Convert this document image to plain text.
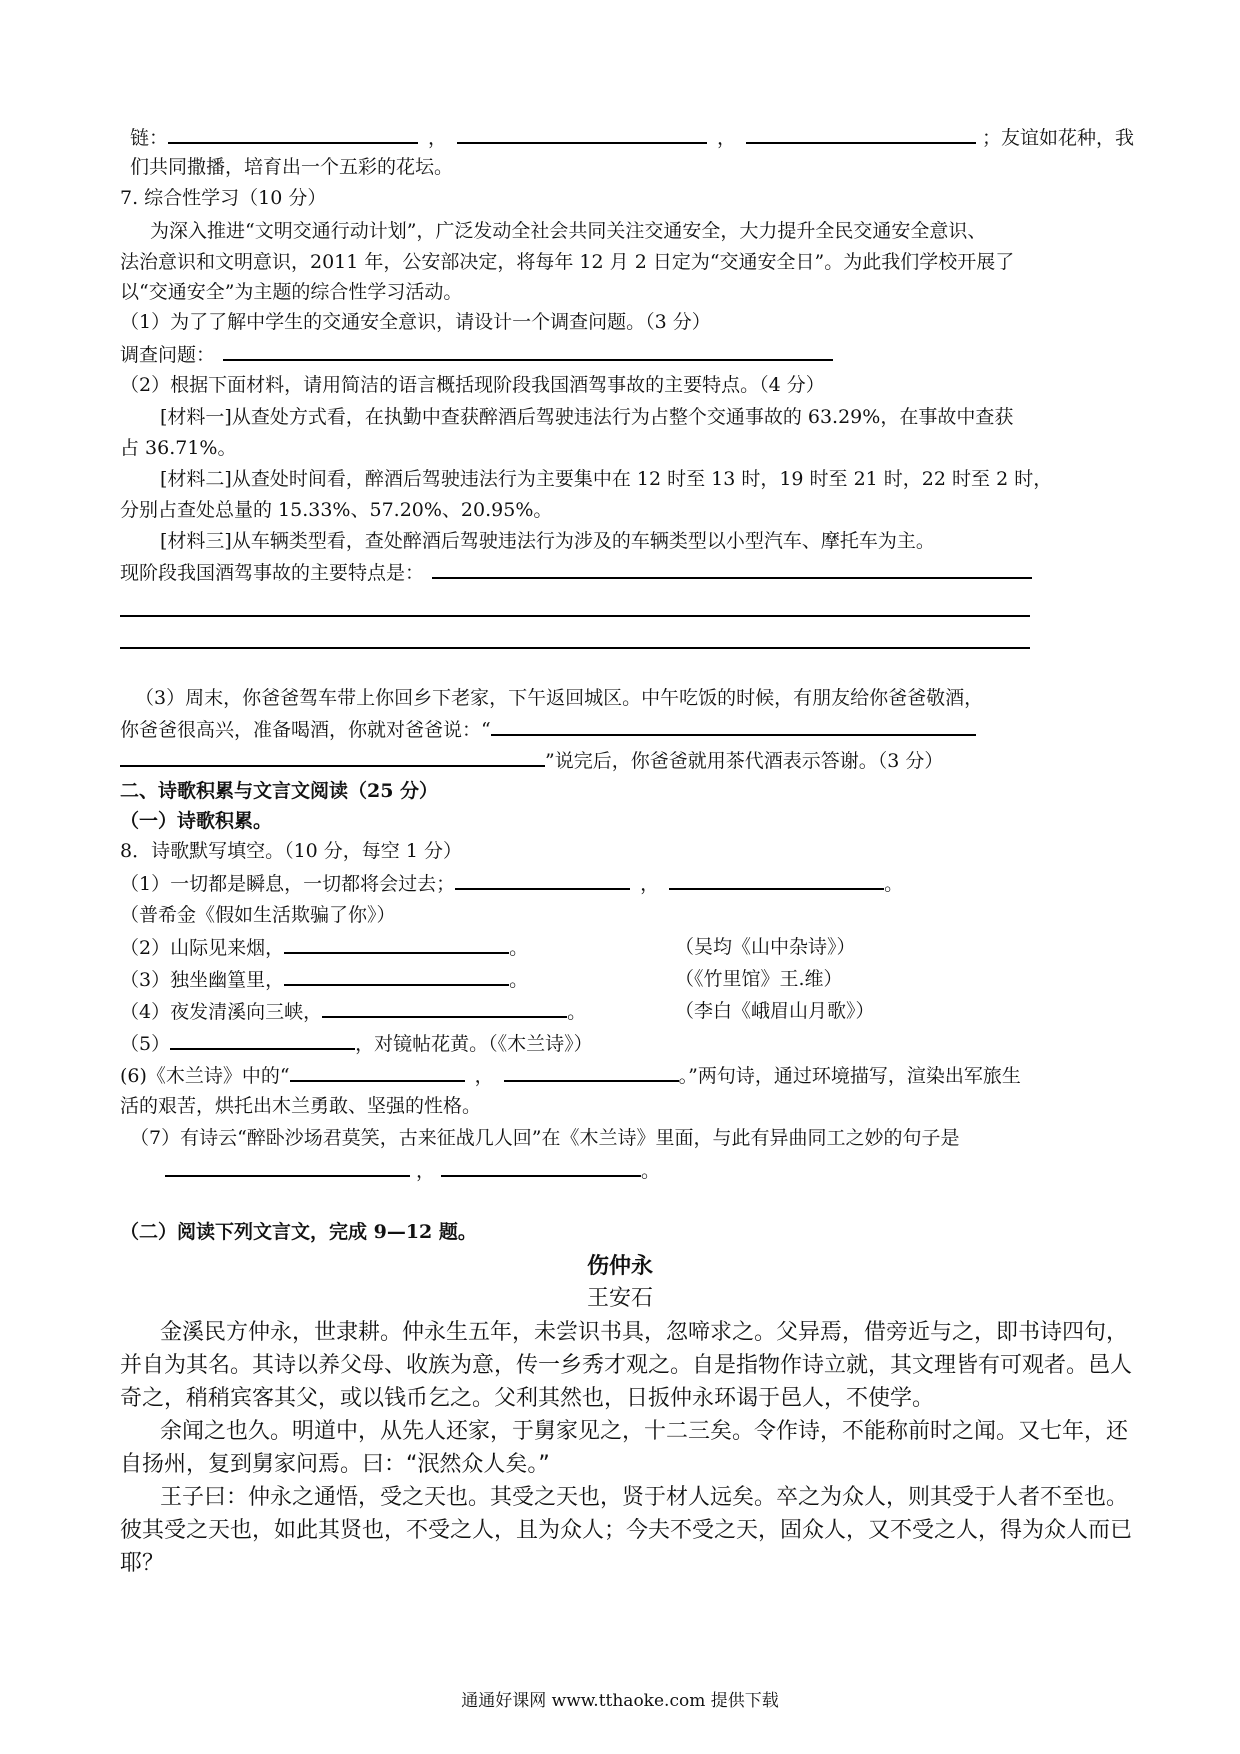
链：	，	，	；友谊如花种，我
们共同撒播，培育出一个五彩的花坛。
7. 综合性学习（10 分）
为深入推进“文明交通行动计划”，广泛发动全社会共同关注交通安全，大力提升全民交通安全意识、
法治意识和文明意识，2011 年，公安部决定，将每年 12 月 2 日定为“交通安全日”。为此我们学校开展了
以“交通安全”为主题的综合性学习活动。
（1）为了了解中学生的交通安全意识，请设计一个调查问题。（3 分）
调查问题：
（2）根据下面材料，请用简洁的语言概括现阶段我国酒驾事故的主要特点。（4 分）
[材料一]从查处方式看，在执勤中查获醉酒后驾驶违法行为占整个交通事故的 63.29%，在事故中查获
占 36.71%。
[材料二]从查处时间看，醉酒后驾驶违法行为主要集中在 12 时至 13 时，19 时至 21 时，22 时至 2 时，
分别占查处总量的 15.33%、57.20%、20.95%。
[材料三]从车辆类型看，查处醉酒后驾驶违法行为涉及的车辆类型以小型汽车、摩托车为主。
现阶段我国酒驾事故的主要特点是：
（3）周末，你爸爸驾车带上你回乡下老家，下午返回城区。中午吃饭的时候，有朋友给你爸爸敬酒，
你爸爸很高兴，准备喝酒，你就对爸爸说：“
”说完后，你爸爸就用茶代酒表示答谢。（3 分）
二、诗歌积累与文言文阅读（25 分）
（一）诗歌积累。
8．诗歌默写填空。（10 分，每空 1 分）
（1）一切都是瞬息，一切都将会过去；	，	。
（普希金《假如生活欺骗了你》）
（2）山际见来烟，	。	（吴均《山中杂诗》）
（3）独坐幽篁里，	。	（《竹里馆》王.维）
（4）夜发清溪向三峡，	。	（李白《峨眉山月歌》）
（5）	，对镜帖花黄。（《木兰诗》）
(6)《木兰诗》中的“	，	。”两句诗，通过环境描写，渲染出军旅生
活的艰苦，烘托出木兰勇敢、坚强的性格。
（7）有诗云“醉卧沙场君莫笑，古来征战几人回”在《木兰诗》里面，与此有异曲同工之妙的句子是
，	。
（二）阅读下列文言文，完成 9—12 题。
伤仲永
王安石
金溪民方仲永，世隶耕。仲永生五年，未尝识书具，忽啼求之。父异焉，借旁近与之，即书诗四句，
并自为其名。其诗以养父母、收族为意，传一乡秀才观之。自是指物作诗立就，其文理皆有可观者。邑人
奇之，稍稍宾客其父，或以钱币乞之。父利其然也，日扳仲永环谒于邑人，不使学。
余闻之也久。明道中，从先人还家，于舅家见之，十二三矣。令作诗，不能称前时之闻。又七年，还
自扬州，复到舅家问焉。曰：“泯然众人矣。”
王子曰：仲永之通悟，受之天也。其受之天也，贤于材人远矣。卒之为众人，则其受于人者不至也。
彼其受之天也，如此其贤也，不受之人，且为众人；今夫不受之天，固众人，又不受之人，得为众人而已
耶？
通通好课网 www.tthaoke.com 提供下载
